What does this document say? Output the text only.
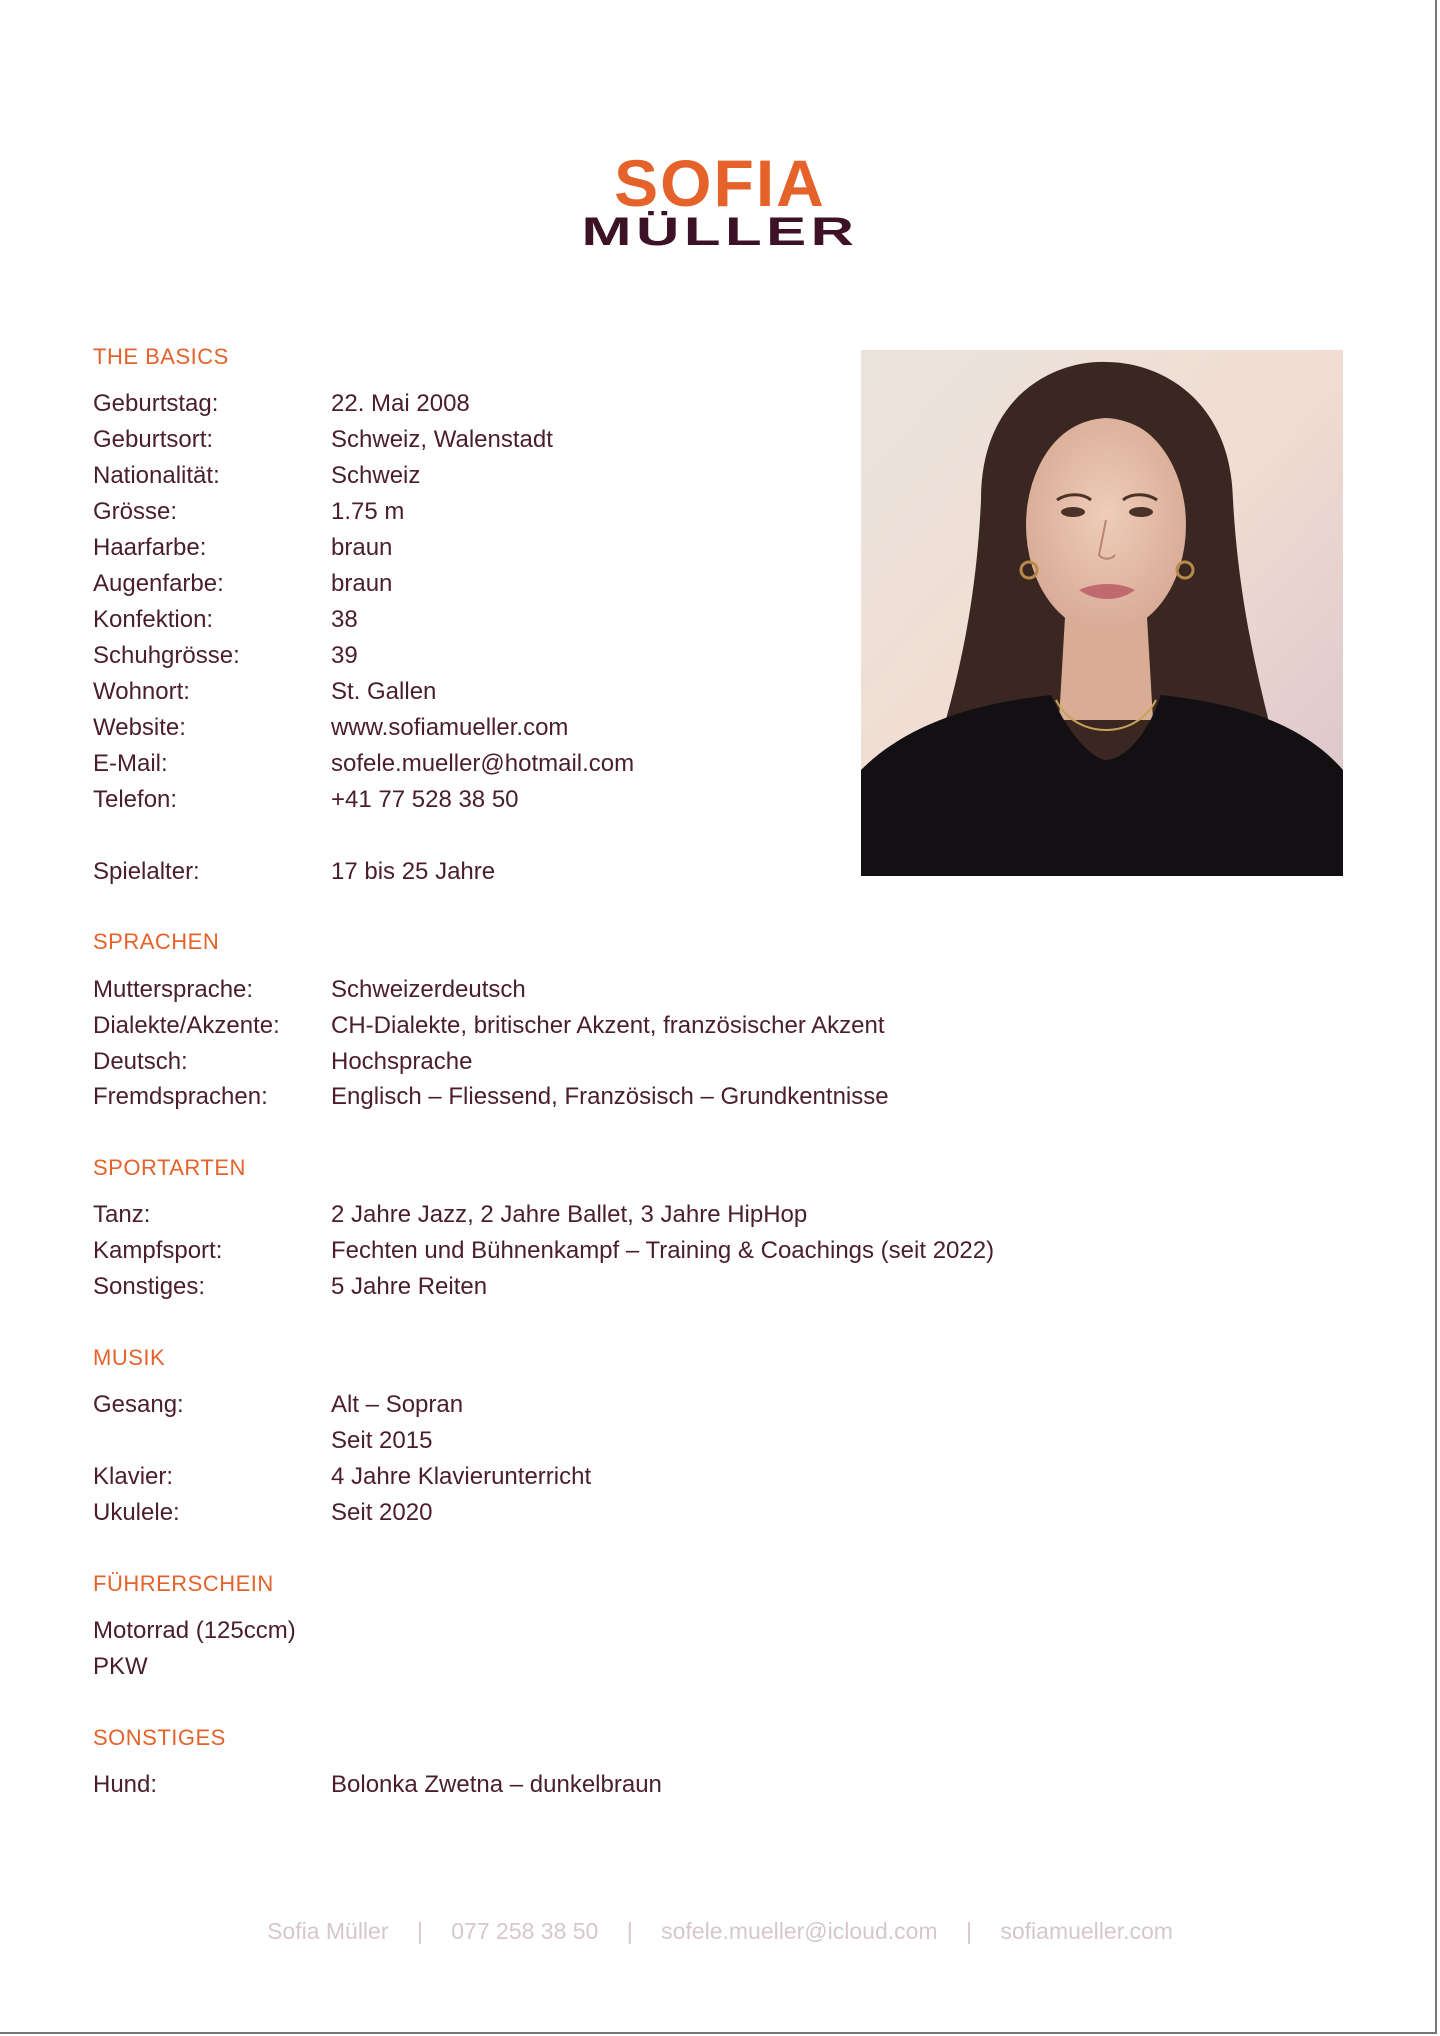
SOFIA
MÜLLER
THE BASICS
Geburtstag:	22. Mai 2008
Geburtsort:	Schweiz, Walenstadt
Nationalität:	Schweiz
Grösse:	1.75 m
Haarfarbe:	braun
Augenfarbe:	braun
Konfektion:	38
Schuhgrösse:	39
Wohnort:	St. Gallen
Website:	www.sofiamueller.com
E-Mail:	sofele.mueller@hotmail.com
Telefon:	+41 77 528 38 50
Spielalter:	17 bis 25 Jahre
SPRACHEN
Muttersprache:	Schweizerdeutsch
Dialekte/Akzente: CH-Dialekte, britischer Akzent, französischer Akzent
Deutsch:	Hochsprache
Fremdsprachen:	Englisch – Fliessend, Französisch – Grundkentnisse
SPORTARTEN
Tanz:	2 Jahre Jazz, 2 Jahre Ballet, 3 Jahre HipHop
Kampfsport:	Fechten und Bühnenkampf – Training & Coachings (seit 2022)
Sonstiges:	5 Jahre Reiten
MUSIK
Gesang:	Alt – Sopran
Seit 2015
Klavier:	4 Jahre Klavierunterricht
Ukulele:	Seit 2020
FÜHRERSCHEIN
Motorrad (125ccm)
PKW
SONSTIGES
Hund:	Bolonka Zwetna – dunkelbraun
Sofia Müller | 077 258 38 50 | sofele.mueller@icloud.com | sofiamueller.com
